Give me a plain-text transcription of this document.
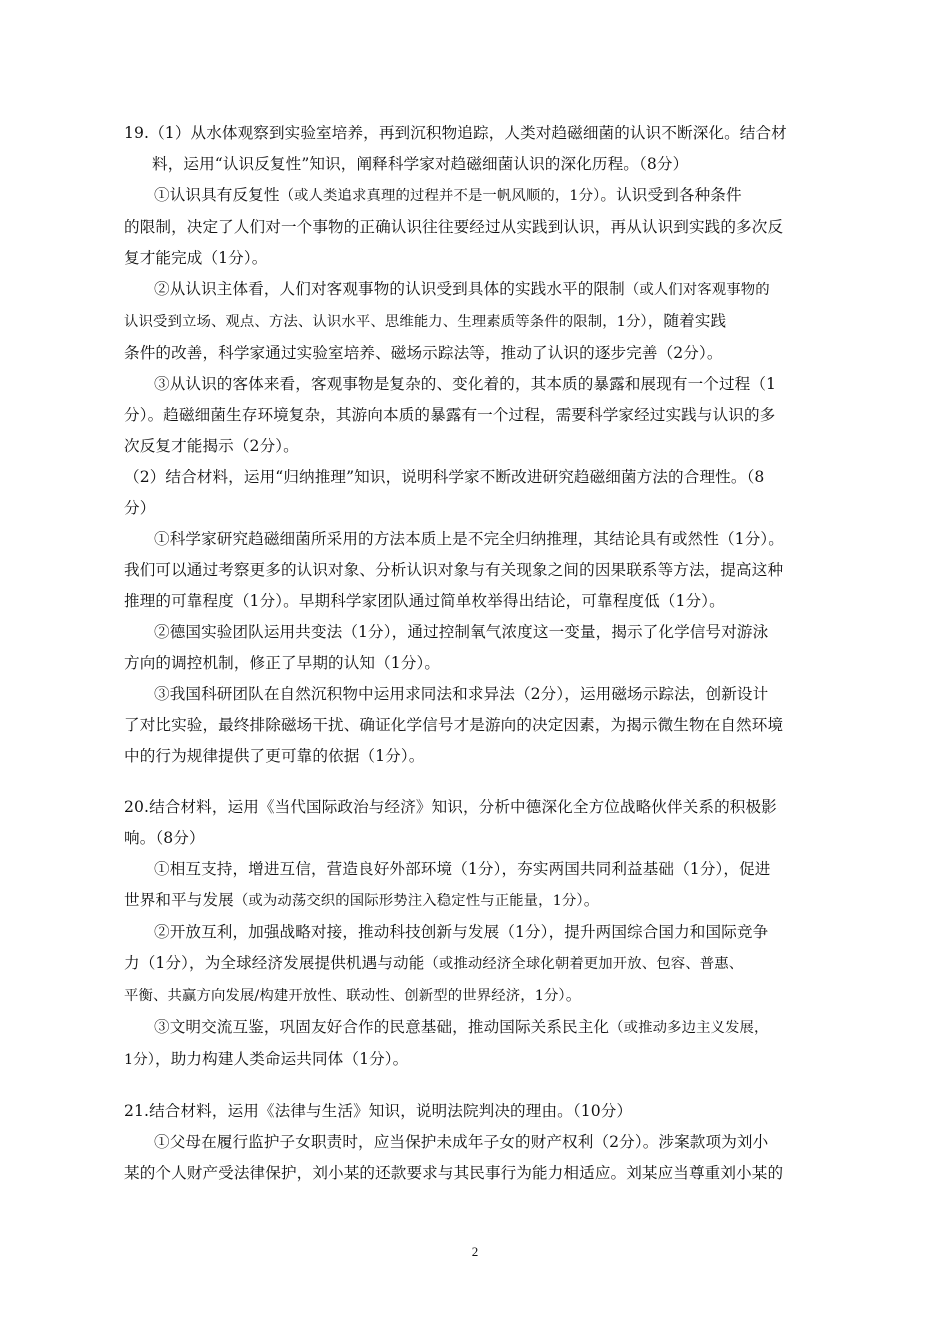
19.（1）从水体观察到实验室培养，再到沉积物追踪，人类对趋磁细菌的认识不断深化。结合材
料，运用“认识反复性”知识，阐释科学家对趋磁细菌认识的深化历程。（8分）
①认识具有反复性（或人类追求真理的过程并不是一帆风顺的，1分）。认识受到各种条件
的限制，决定了人们对一个事物的正确认识往往要经过从实践到认识，再从认识到实践的多次反
复才能完成（1分）。
②从认识主体看，人们对客观事物的认识受到具体的实践水平的限制（或人们对客观事物的
认识受到立场、观点、方法、认识水平、思维能力、生理素质等条件的限制，1分），随着实践
条件的改善，科学家通过实验室培养、磁场示踪法等，推动了认识的逐步完善（2分）。
③从认识的客体来看，客观事物是复杂的、变化着的，其本质的暴露和展现有一个过程（1
分）。趋磁细菌生存环境复杂，其游向本质的暴露有一个过程，需要科学家经过实践与认识的多
次反复才能揭示（2分）。
（2）结合材料，运用“归纳推理”知识，说明科学家不断改进研究趋磁细菌方法的合理性。（8
分）
①科学家研究趋磁细菌所采用的方法本质上是不完全归纳推理，其结论具有或然性（1分）。
我们可以通过考察更多的认识对象、分析认识对象与有关现象之间的因果联系等方法，提高这种
推理的可靠程度（1分）。早期科学家团队通过简单枚举得出结论，可靠程度低（1分）。
②德国实验团队运用共变法（1分），通过控制氧气浓度这一变量，揭示了化学信号对游泳
方向的调控机制，修正了早期的认知（1分）。
③我国科研团队在自然沉积物中运用求同法和求异法（2分），运用磁场示踪法，创新设计
了对比实验，最终排除磁场干扰、确证化学信号才是游向的决定因素，为揭示微生物在自然环境
中的行为规律提供了更可靠的依据（1分）。
20.结合材料，运用《当代国际政治与经济》知识，分析中德深化全方位战略伙伴关系的积极影
响。（8分）
①相互支持，增进互信，营造良好外部环境（1分），夯实两国共同利益基础（1分），促进
世界和平与发展（或为动荡交织的国际形势注入稳定性与正能量，1分）。
②开放互利，加强战略对接，推动科技创新与发展（1分），提升两国综合国力和国际竞争
力（1分），为全球经济发展提供机遇与动能（或推动经济全球化朝着更加开放、包容、普惠、
平衡、共赢方向发展/构建开放性、联动性、创新型的世界经济，1分）。
③文明交流互鉴，巩固友好合作的民意基础，推动国际关系民主化（或推动多边主义发展，
1分），助力构建人类命运共同体（1分）。
21.结合材料，运用《法律与生活》知识，说明法院判决的理由。（10分）
①父母在履行监护子女职责时，应当保护未成年子女的财产权利（2分）。涉案款项为刘小
某的个人财产受法律保护，刘小某的还款要求与其民事行为能力相适应。刘某应当尊重刘小某的
2
